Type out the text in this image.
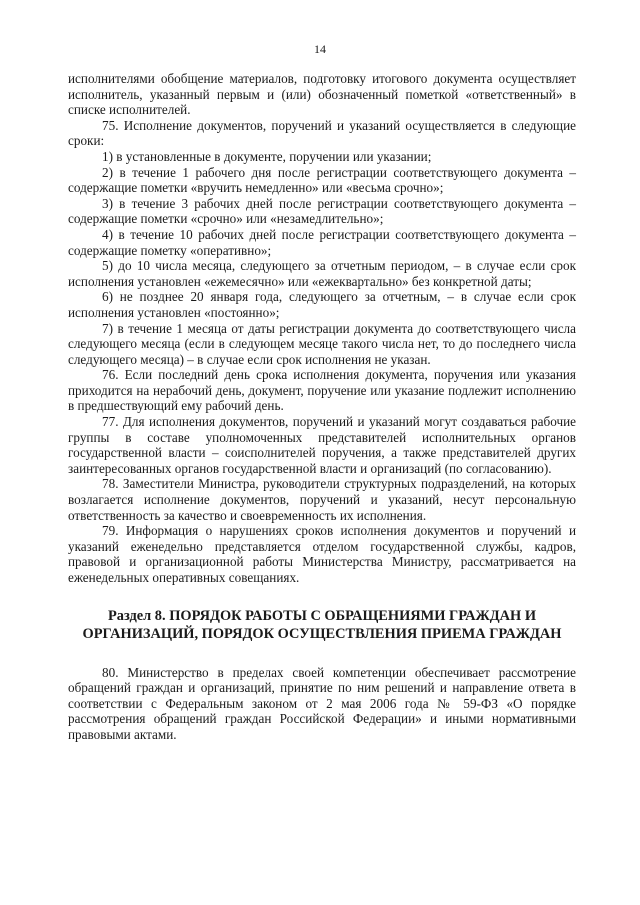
14

исполнителями обобщение материалов, подготовку итогового документа осуществляет исполнитель, указанный первым и (или) обозначенный пометкой «ответственный» в списке исполнителей.

75. Исполнение документов, поручений и указаний осуществляется в следующие сроки:

1) в установленные в документе, поручении или указании;

2) в течение 1 рабочего дня после регистрации соответствующего документа – содержащие пометки «вручить немедленно» или «весьма срочно»;

3) в течение 3 рабочих дней после регистрации соответствующего документа – содержащие пометки «срочно» или «незамедлительно»;

4) в течение 10 рабочих дней после регистрации соответствующего документа – содержащие пометку «оперативно»;

5) до 10 числа месяца, следующего за отчетным периодом, – в случае если срок исполнения установлен «ежемесячно» или «ежеквартально» без конкретной даты;

6) не позднее 20 января года, следующего за отчетным, – в случае если срок исполнения установлен «постоянно»;

7) в течение 1 месяца от даты регистрации документа до соответствующего числа следующего месяца (если в следующем месяце такого числа нет, то до последнего числа следующего месяца) – в случае если срок исполнения не указан.

76. Если последний день срока исполнения документа, поручения или указания приходится на нерабочий день, документ, поручение или указание подлежит исполнению в предшествующий ему рабочий день.

77. Для исполнения документов, поручений и указаний могут создаваться рабочие группы в составе уполномоченных представителей исполнительных органов государственной власти – соисполнителей поручения, а также представителей других заинтересованных органов государственной власти и организаций (по согласованию).

78. Заместители Министра, руководители структурных подразделений, на которых возлагается исполнение документов, поручений и указаний, несут персональную ответственность за качество и своевременность их исполнения.

79. Информация о нарушениях сроков исполнения документов и поручений и указаний еженедельно представляется отделом государственной службы, кадров, правовой и организационной работы Министерства Министру, рассматривается на еженедельных оперативных совещаниях.

Раздел 8. ПОРЯДОК РАБОТЫ С ОБРАЩЕНИЯМИ ГРАЖДАН И ОРГАНИЗАЦИЙ, ПОРЯДОК ОСУЩЕСТВЛЕНИЯ ПРИЕМА ГРАЖДАН

80. Министерство в пределах своей компетенции обеспечивает рассмотрение обращений граждан и организаций, принятие по ним решений и направление ответа в соответствии с Федеральным законом от 2 мая 2006 года № 59-ФЗ «О порядке рассмотрения обращений граждан Российской Федерации» и иными нормативными правовыми актами.
